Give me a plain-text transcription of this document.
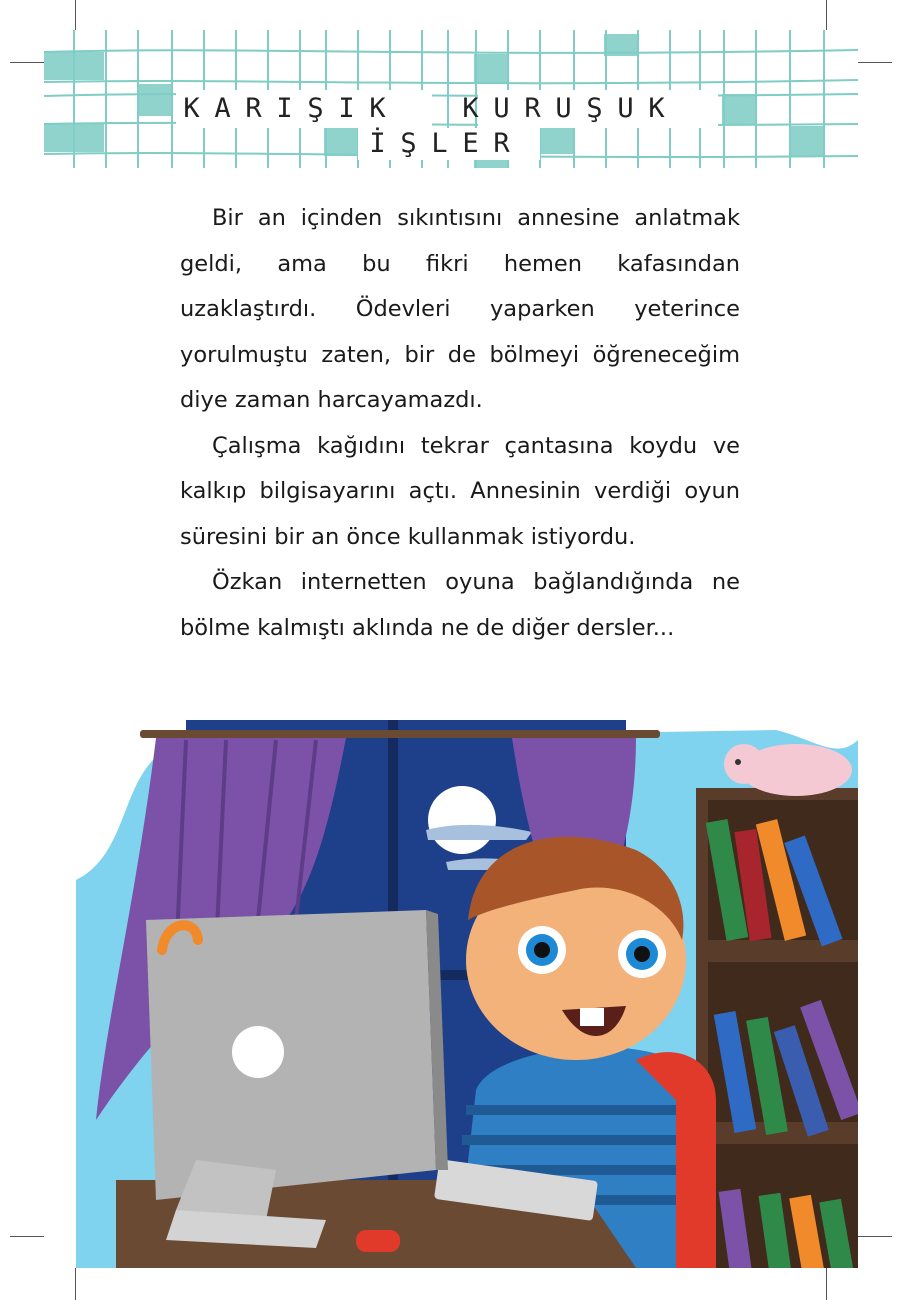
K A R I Ş I K	K U R U Ş U K
İ Ş L E R

Bir an içinden sıkıntısını annesine anlatmak geldi, ama bu fikri hemen kafasından uzaklaştırdı. Ödevleri yaparken yeterince yorulmuştu zaten, bir de bölmeyi öğreneceğim diye zaman harcayamazdı.

Çalışma kağıdını tekrar çantasına koydu ve kalkıp bilgisayarını açtı. Annesinin verdiği oyun süresini bir an önce kullanmak istiyordu.

Özkan internetten oyuna bağlandığında ne bölme kalmıştı aklında ne de diğer dersler...
